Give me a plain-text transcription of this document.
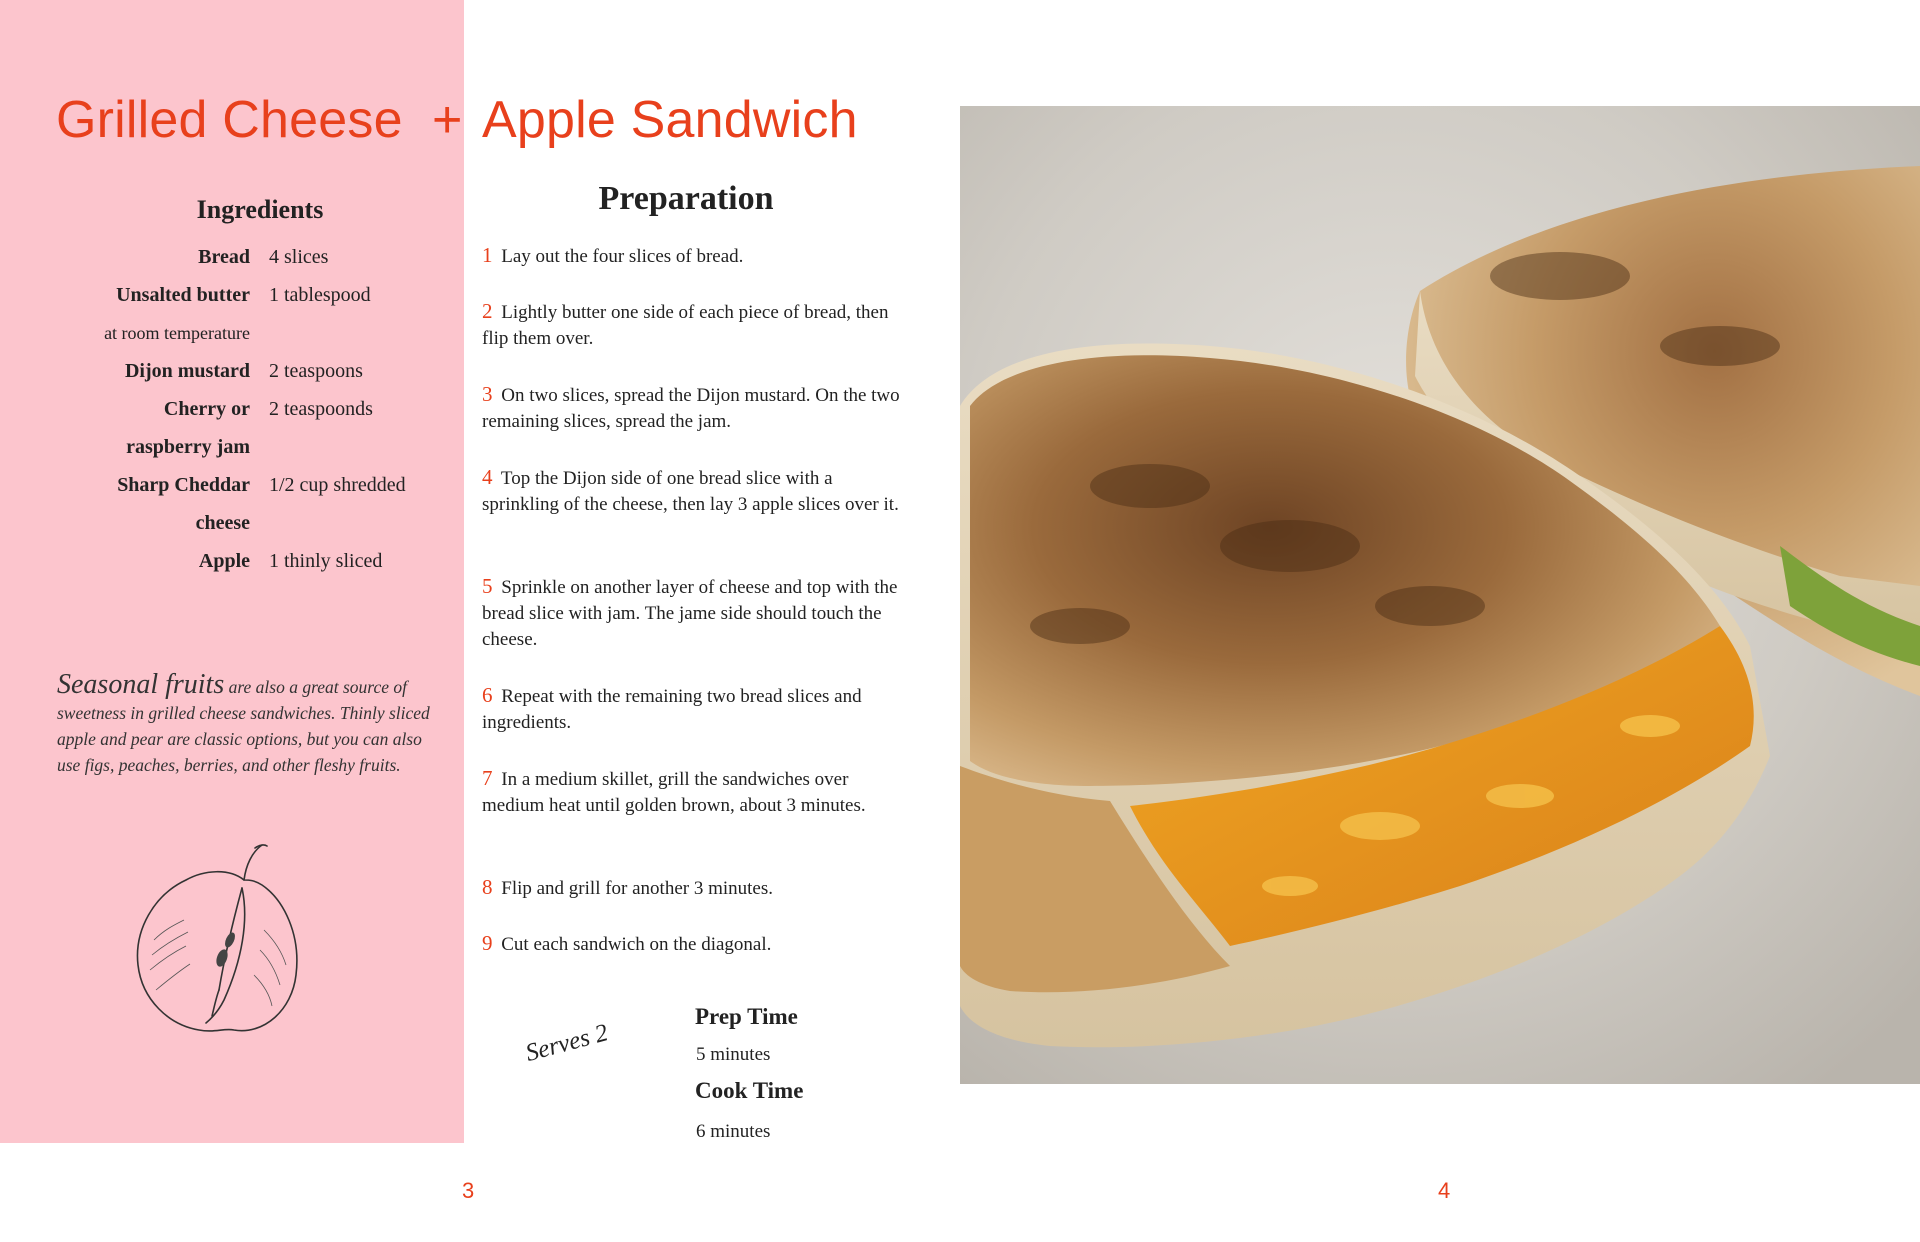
Grilled Cheese + Apple Sandwich
Ingredients
Bread 4 slices
Unsalted butter 1 tablespood
at room temperature
Dijon mustard 2 teaspoons
Cherry or 2 teaspoonds
raspberry jam
Sharp Cheddar 1/2 cup shredded
cheese
Apple 1 thinly sliced
Seasonal fruits are also a great source of sweetness in grilled cheese sandwiches. Thinly sliced apple and pear are classic options, but you can also use figs, peaches, berries, and other fleshy fruits.
Preparation
1 Lay out the four slices of bread.
2 Lightly butter one side of each piece of bread, then flip them over.
3 On two slices, spread the Dijon mustard. On the two remaining slices, spread the jam.
4 Top the Dijon side of one bread slice with a sprinkling of the cheese, then lay 3 apple slices over it.
5 Sprinkle on another layer of cheese and top with the bread slice with jam. The jame side should touch the cheese.
6 Repeat with the remaining two bread slices and ingredients.
7 In a medium skillet, grill the sandwiches over medium heat until golden brown, about 3 minutes.
8 Flip and grill for another 3 minutes.
9 Cut each sandwich on the diagonal.
Serves 2
Prep Time
5 minutes
Cook Time
6 minutes
3	4
